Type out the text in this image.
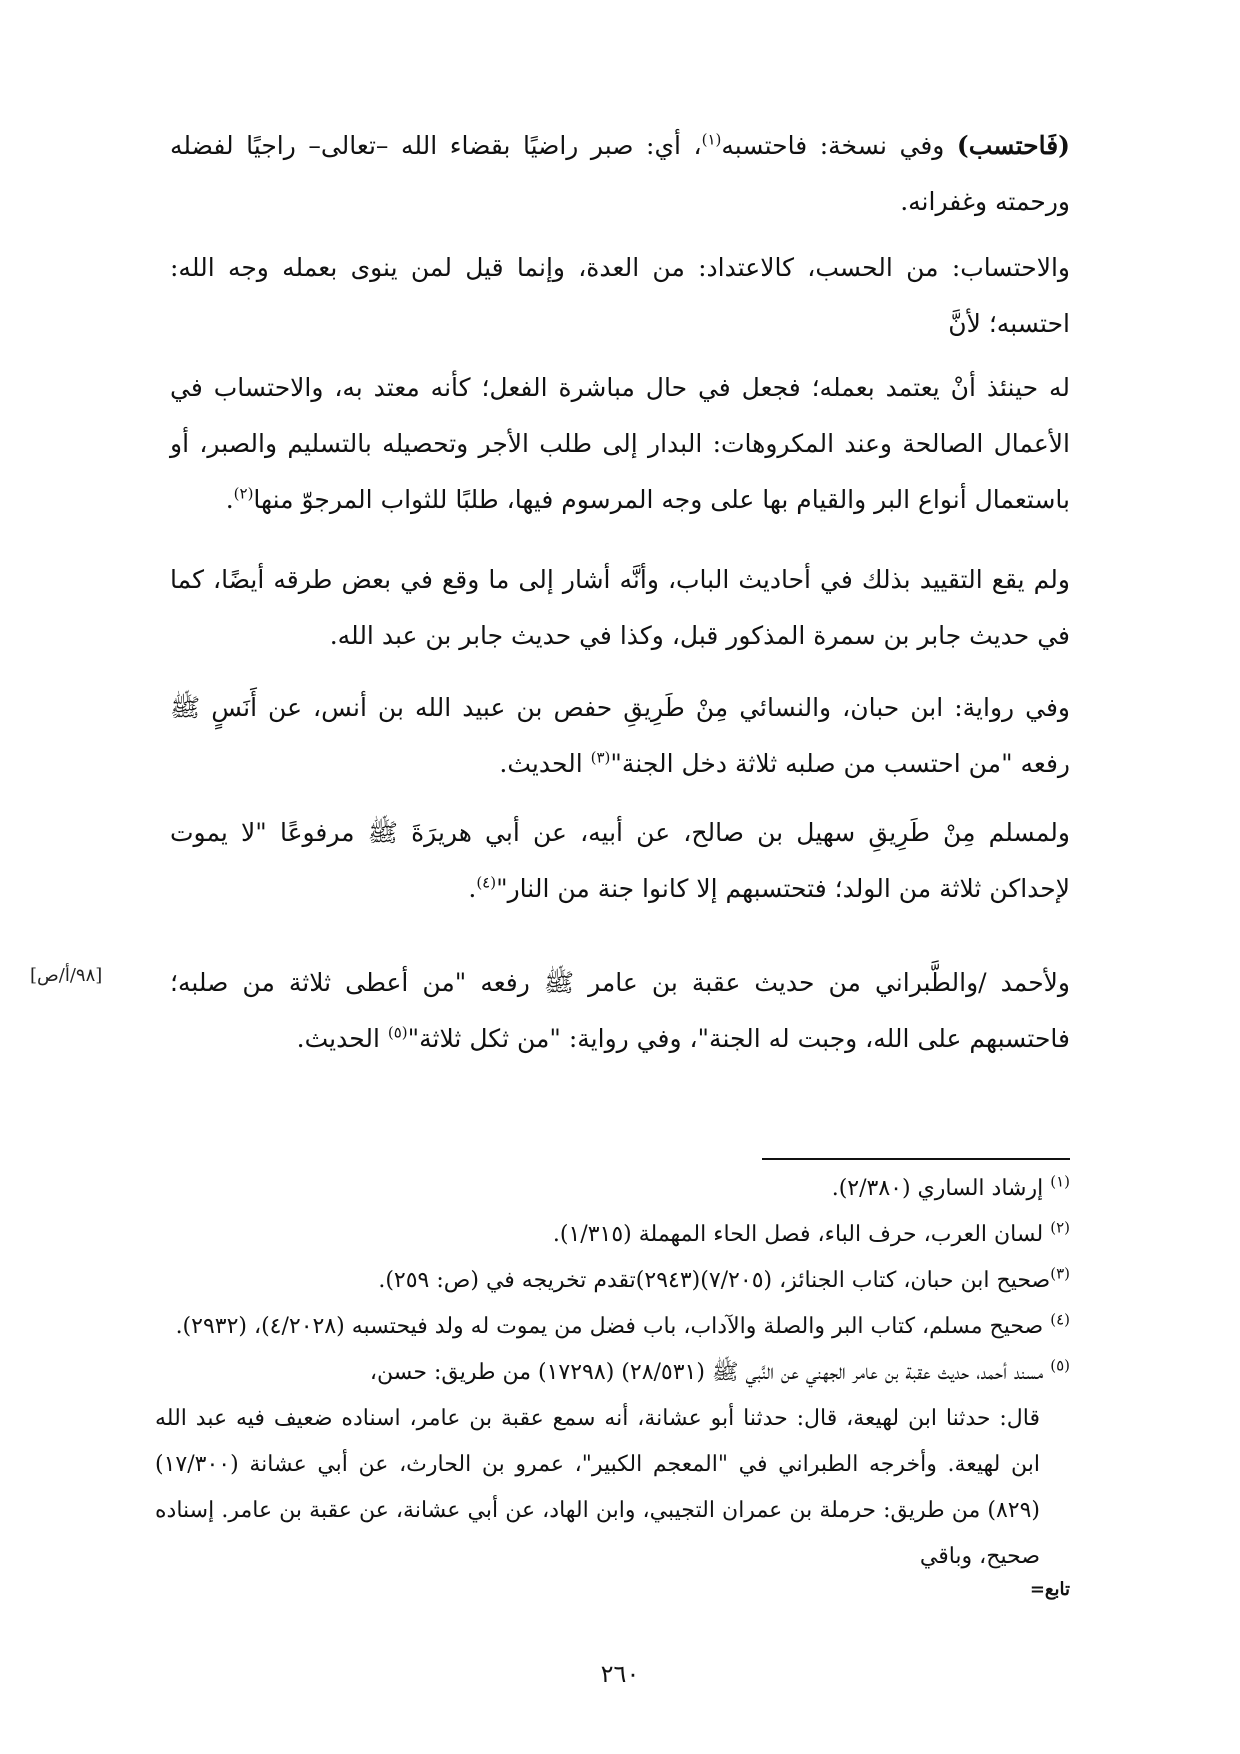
(فَاحتسب) وفي نسخة: فاحتسبه$^{(١)}$، أي: صبر راضيًا بقضاء الله –تعالى– راجيًا لفضله ورحمته وغفرانه.

والاحتساب: من الحسب، كالاعتداد: من العدة، وإنما قيل لمن ينوى بعمله وجه الله: احتسبه؛ لأنَّ

له حينئذ أنْ يعتمد بعمله؛ فجعل في حال مباشرة الفعل؛ كأنه معتد به، والاحتساب في الأعمال الصالحة وعند المكروهات: البدار إلى طلب الأجر وتحصيله بالتسليم والصبر، أو باستعمال أنواع البر والقيام بها على وجه المرسوم فيها، طلبًا للثواب المرجوّ منها$^{(٢)}$.

ولم يقع التقييد بذلك في أحاديث الباب، وأنَّه أشار إلى ما وقع في بعض طرقه أيضًا، كما في حديث جابر بن سمرة المذكور قبل، وكذا في حديث جابر بن عبد الله.

وفي رواية: ابن حبان، والنسائي مِنْ طَرِيقِ حفص بن عبيد الله بن أنس، عن أَنَسٍ ﷺ رفعه "من احتسب من صلبه ثلاثة دخل الجنة"$^{(٣)}$ الحديث.

ولمسلم مِنْ طَرِيقِ سهيل بن صالح، عن أبيه، عن أبي هريرَةَ ﷺ مرفوعًا "لا يموت لإحداكن ثلاثة من الولد؛ فتحتسبهم إلا كانوا جنة من النار"$^{(٤)}$.

ولأحمد /والطَّبراني من حديث عقبة بن عامر ﷺ رفعه "من أعطى ثلاثة من صلبه؛ فاحتسبهم على الله، وجبت له الجنة"، وفي رواية: "من ثكل ثلاثة"$^{(٥)}$ الحديث.

[٩٨/أ/ص]

$^{(١)}$ إرشاد الساري (٢/٣٨٠).

$^{(٢)}$ لسان العرب، حرف الباء، فصل الحاء المهملة (١/٣١٥).

$^{(٣)}$صحيح ابن حبان، كتاب الجنائز، (٧/٢٠٥)(٢٩٤٣)تقدم تخريجه في (ص: ٢٥٩).

$^{(٤)}$ صحيح مسلم، كتاب البر والصلة والآداب، باب فضل من يموت له ولد فيحتسبه (٤/٢٠٢٨)، (٢٩٣٢).

$^{(٥)}$ مسند أحمد، حديث عقبة بن عامر الجهني عن النَّبي ﷺ (٢٨/٥٣١) (١٧٢٩٨) من طريق: حسن،

قال: حدثنا ابن لهيعة، قال: حدثنا أبو عشانة، أنه سمع عقبة بن عامر، اسناده ضعيف فيه عبد الله ابن لهيعة. وأخرجه الطبراني في "المعجم الكبير"، عمرو بن الحارث، عن أبي عشانة (١٧/٣٠٠)(٨٢٩) من طريق: حرملة بن عمران التجيبي، وابن الهاد، عن أبي عشانة، عن عقبة بن عامر. إسناده صحيح، وباقي

تابع=

٢٦٠
